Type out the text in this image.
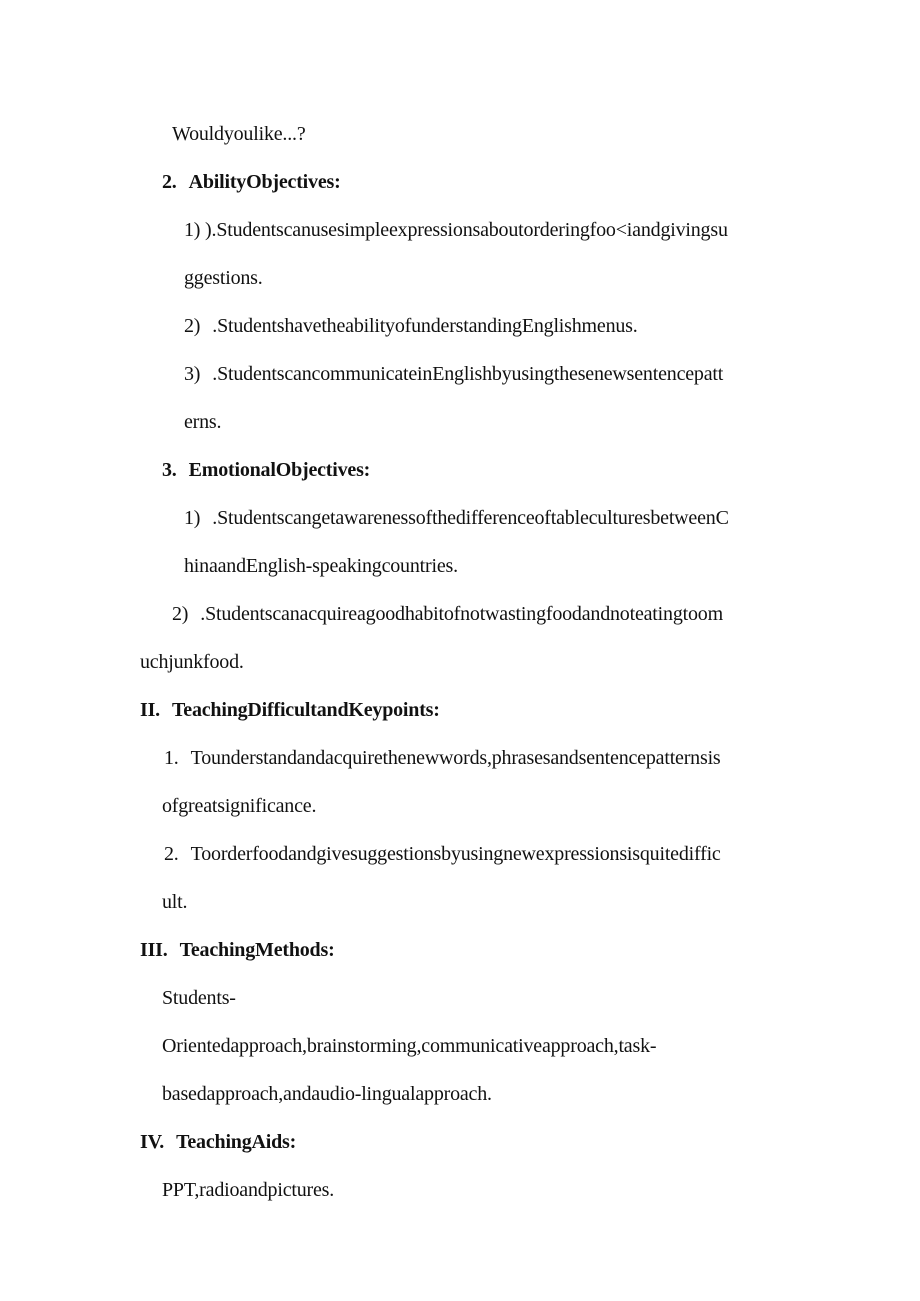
Wouldyoulike...?
2. AbilityObjectives:
1) ).Studentscanusesimpleexpressionsaboutorderingfoo<iandgivingsu
ggestions.
2) .StudentshavetheabilityofunderstandingEnglishmenus.
3) .StudentscancommunicateinEnglishbyusingthesenewsentencepatt
erns.
3. EmotionalObjectives:
1) .StudentscangetawarenessofthedifferenceoftableculturesbetweenC
hinaandEnglish-speakingcountries.
2) .Studentscanacquireagoodhabitofnotwastingfoodandnoteatingtoom
uchjunkfood.
II. TeachingDifficultandKeypoints:
1. Tounderstandandacquirethenewwords,phrasesandsentencepatternsis
ofgreatsignificance.
2. Toorderfoodandgivesuggestionsbyusingnewexpressionsisquitediffic
ult.
III. TeachingMethods:
Students-
Orientedapproach,brainstorming,communicativeapproach,task-
basedapproach,andaudio-lingualapproach.
IV. TeachingAids:
PPT,radioandpictures.
